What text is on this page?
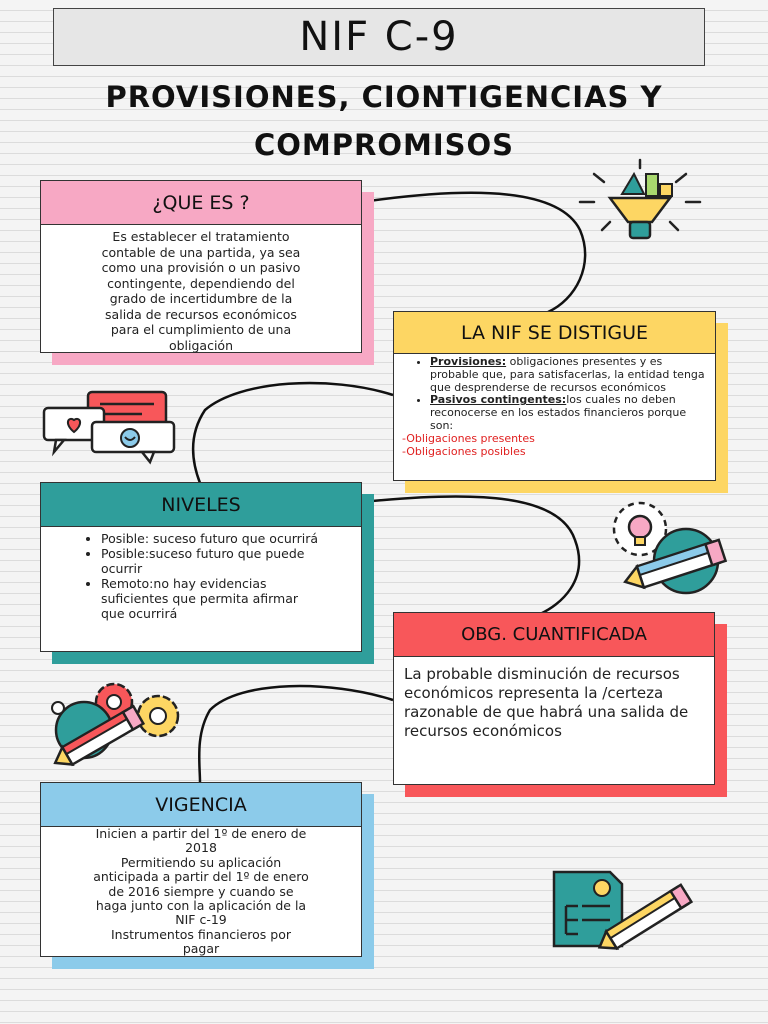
NIF C-9
PROVISIONES, CIONTIGENCIAS Y
COMPROMISOS
¿QUE ES ?
Es establecer el tratamiento
contable de una partida, ya sea
como una provisión o un pasivo
contingente, dependiendo del
grado de incertidumbre de la
salida de recursos económicos
para el cumplimiento de una
obligación
LA NIF SE DISTIGUE
• Provisiones: obligaciones presentes y es probable que, para satisfacerlas, la entidad tenga que desprenderse de recursos económicos
• Pasivos contingentes:los cuales no deben reconocerse en los estados financieros porque son:
-Obligaciones presentes
-Obligaciones posibles
NIVELES
• Posible: suceso futuro que ocurrirá
• Posible:suceso futuro que puede ocurrir
• Remoto:no hay evidencias suficientes que permita afirmar que ocurrirá
OBG. CUANTIFICADA
La probable disminución de recursos económicos representa la /certeza razonable de que habrá una salida de recursos económicos
VIGENCIA
Inicien a partir del 1º de enero de
2018
Permitiendo su aplicación
anticipada a partir del 1º de enero
de 2016 siempre y cuando se
haga junto con la aplicación de la
NIF c-19
Instrumentos financieros por
pagar
